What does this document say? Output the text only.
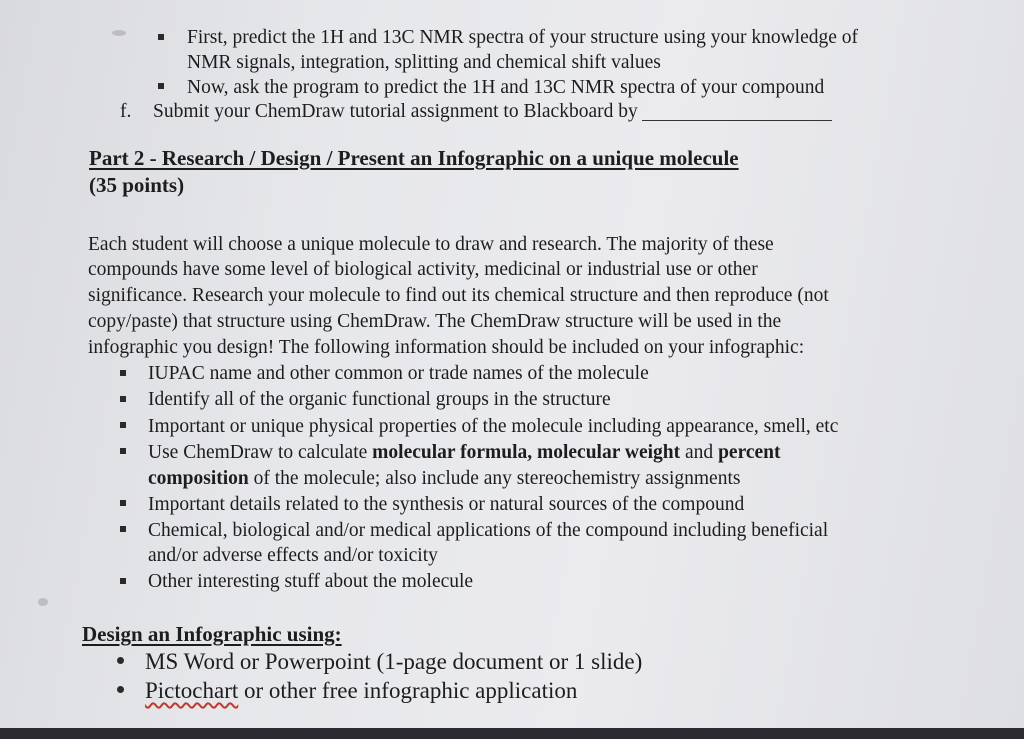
First, predict the 1H and 13C NMR spectra of your structure using your knowledge of
NMR signals, integration, splitting and chemical shift values
Now, ask the program to predict the 1H and 13C NMR spectra of your compound
f. Submit your ChemDraw tutorial assignment to Blackboard by
Part 2 - Research / Design / Present an Infographic on a unique molecule
(35 points)
Each student will choose a unique molecule to draw and research. The majority of these
compounds have some level of biological activity, medicinal or industrial use or other
significance. Research your molecule to find out its chemical structure and then reproduce (not
copy/paste) that structure using ChemDraw. The ChemDraw structure will be used in the
infographic you design! The following information should be included on your infographic:
IUPAC name and other common or trade names of the molecule
Identify all of the organic functional groups in the structure
Important or unique physical properties of the molecule including appearance, smell, etc
Use ChemDraw to calculate molecular formula, molecular weight and percent
composition of the molecule; also include any stereochemistry assignments
Important details related to the synthesis or natural sources of the compound
Chemical, biological and/or medical applications of the compound including beneficial
and/or adverse effects and/or toxicity
Other interesting stuff about the molecule
Design an Infographic using:
MS Word or Powerpoint (1-page document or 1 slide)
Pictochart or other free infographic application
